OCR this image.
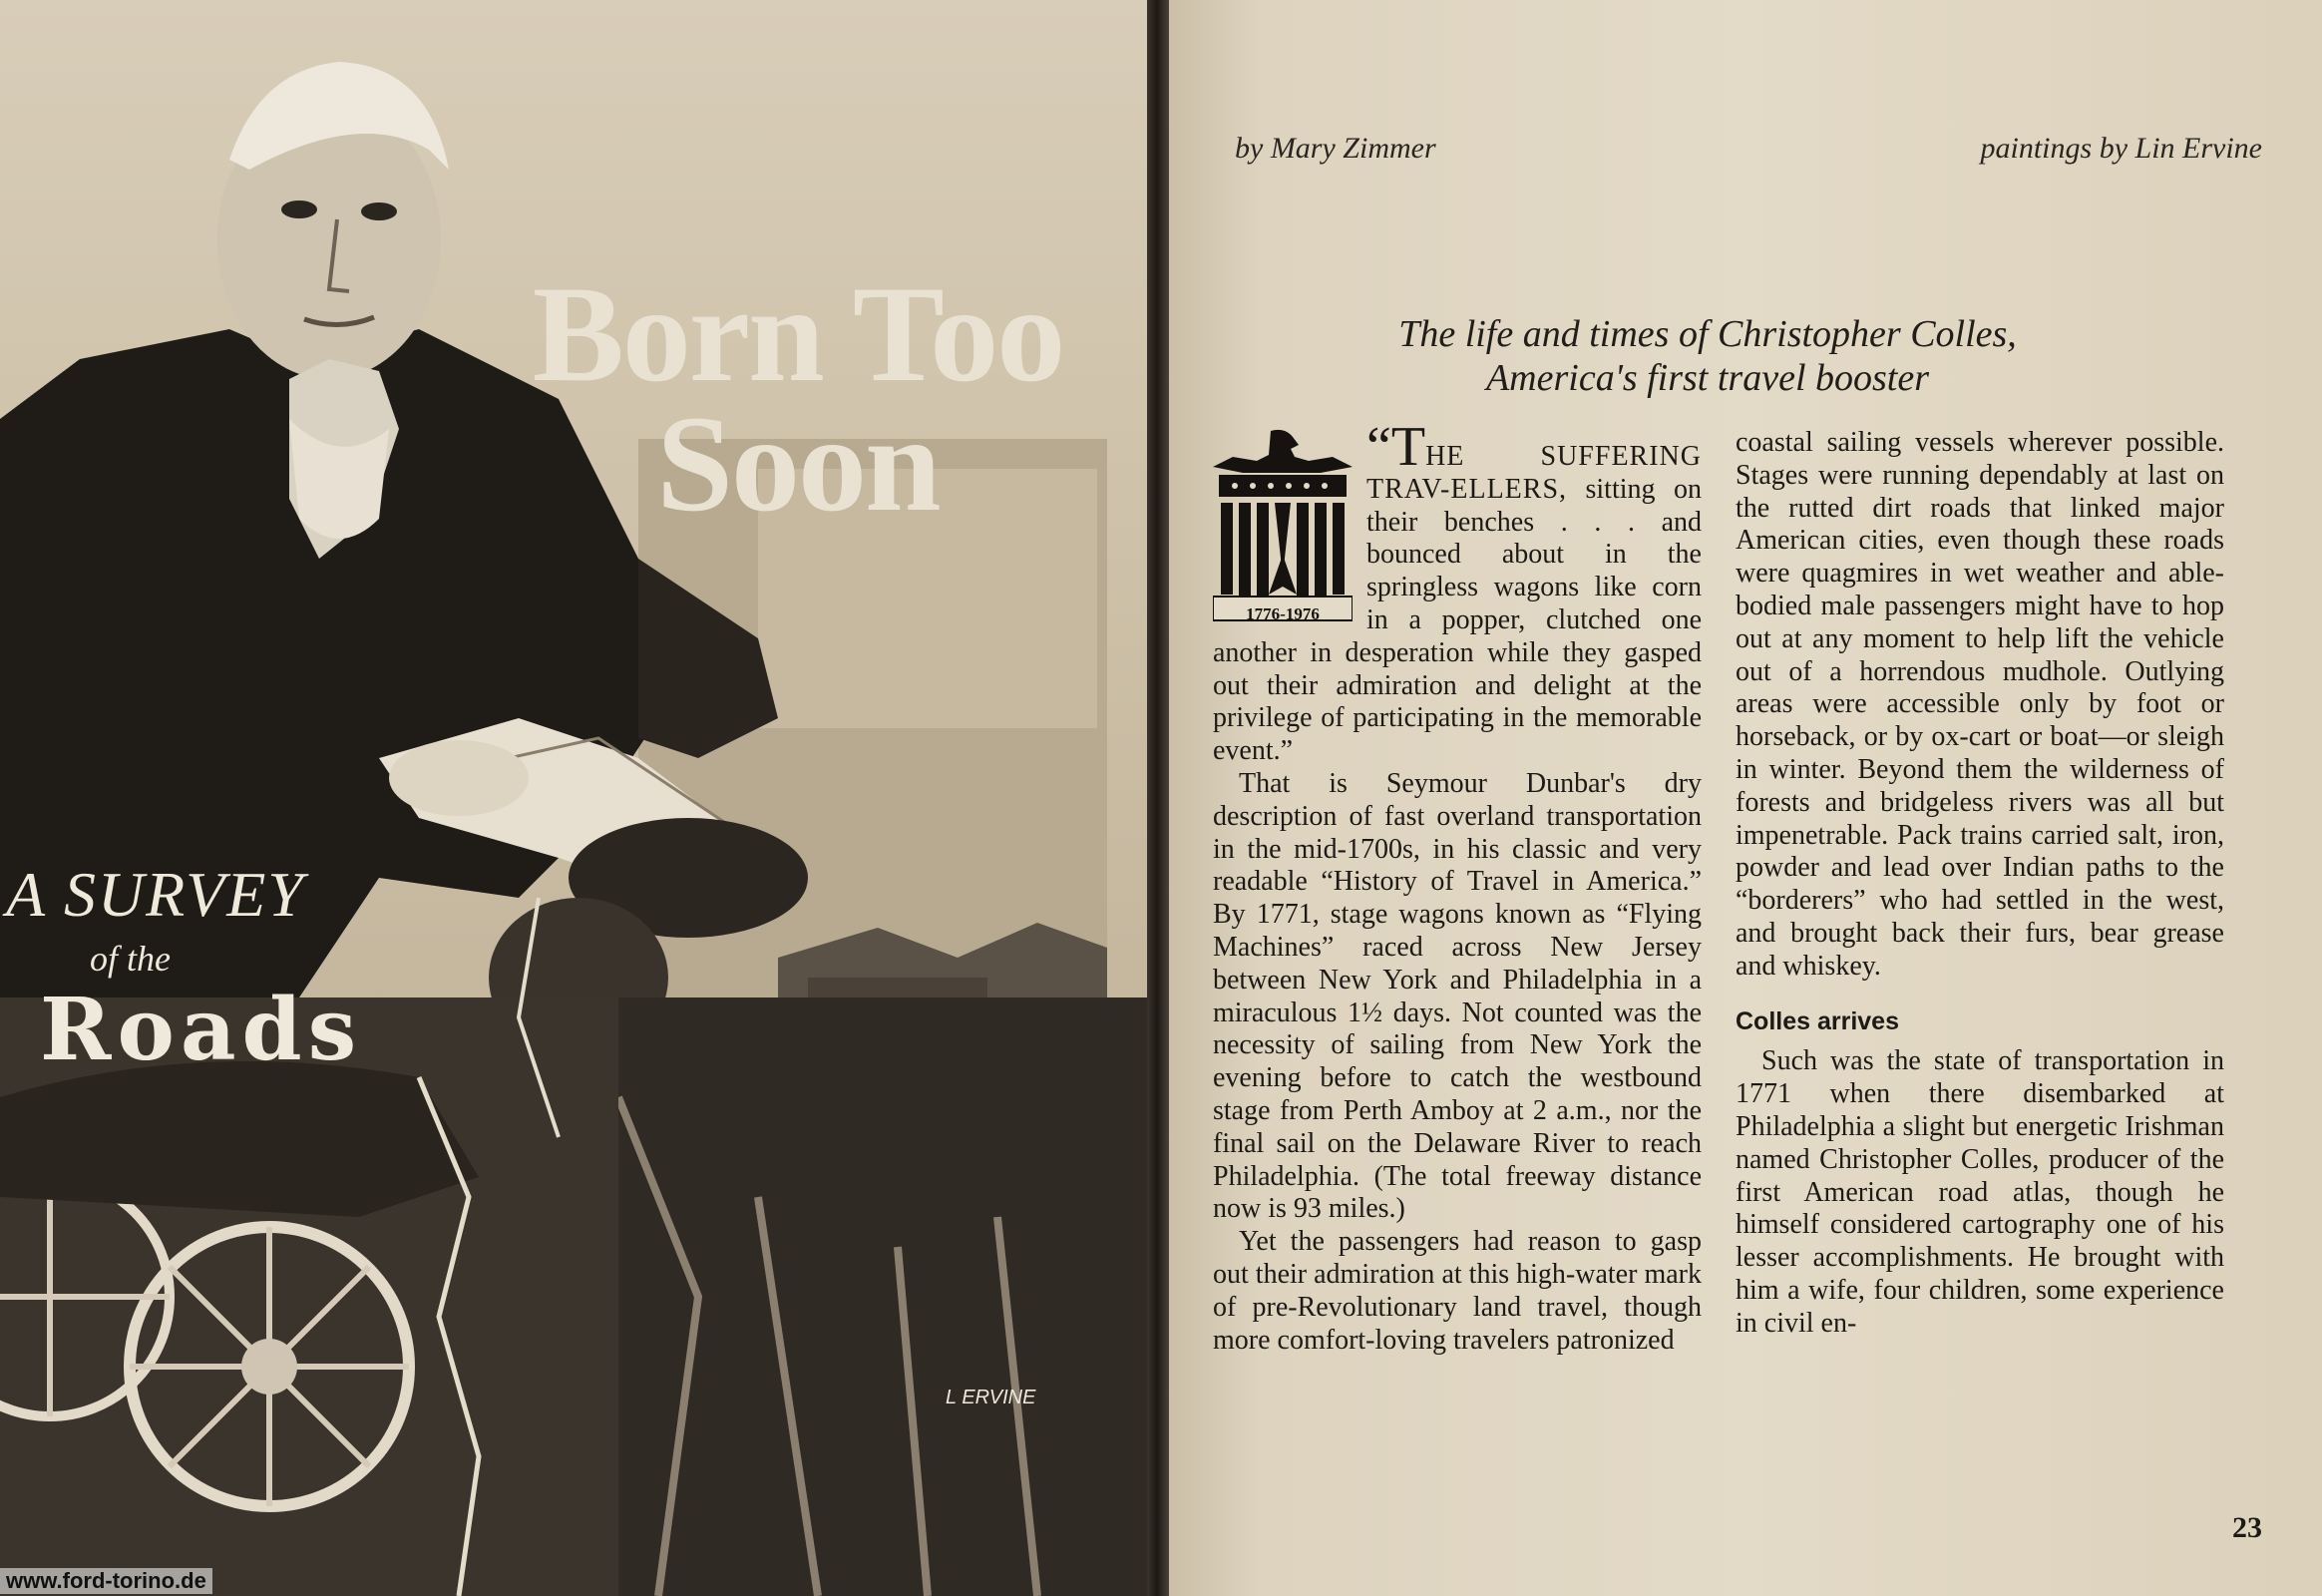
Born Too
Soon
A SURVEY
of the
Roads
L ERVINE
www.ford-torino.de
by Mary Zimmer	paintings by Lin Ervine
The life and times of Christopher Colles,
America's first travel booster

“THE SUFFERING TRAV-ELLERS, sitting on their benches . . . and bounced about in the springless wagons like corn in a popper, clutched one another in desperation while they gasped out their admiration and delight at the privilege of participating in the memorable event.”

1776-1976

That is Seymour Dunbar's dry description of fast overland transportation in the mid-1700s, in his classic and very readable “History of Travel in America.” By 1771, stage wagons known as “Flying Machines” raced across New Jersey between New York and Philadelphia in a miraculous 1½ days. Not counted was the necessity of sailing from New York the evening before to catch the westbound stage from Perth Amboy at 2 a.m., nor the final sail on the Delaware River to reach Philadelphia. (The total freeway distance now is 93 miles.)

Yet the passengers had reason to gasp out their admiration at this high-water mark of pre-Revolutionary land travel, though more comfort-loving travelers patronized

coastal sailing vessels wherever possible. Stages were running dependably at last on the rutted dirt roads that linked major American cities, even though these roads were quagmires in wet weather and able-bodied male passengers might have to hop out at any moment to help lift the vehicle out of a horrendous mudhole. Outlying areas were accessible only by foot or horseback, or by ox-cart or boat—or sleigh in winter. Beyond them the wilderness of forests and bridgeless rivers was all but impenetrable. Pack trains carried salt, iron, powder and lead over Indian paths to the “borderers” who had settled in the west, and brought back their furs, bear grease and whiskey.

Colles arrives

Such was the state of transportation in 1771 when there disembarked at Philadelphia a slight but energetic Irishman named Christopher Colles, producer of the first American road atlas, though he himself considered cartography one of his lesser accomplishments. He brought with him a wife, four children, some experience in civil en-

23
